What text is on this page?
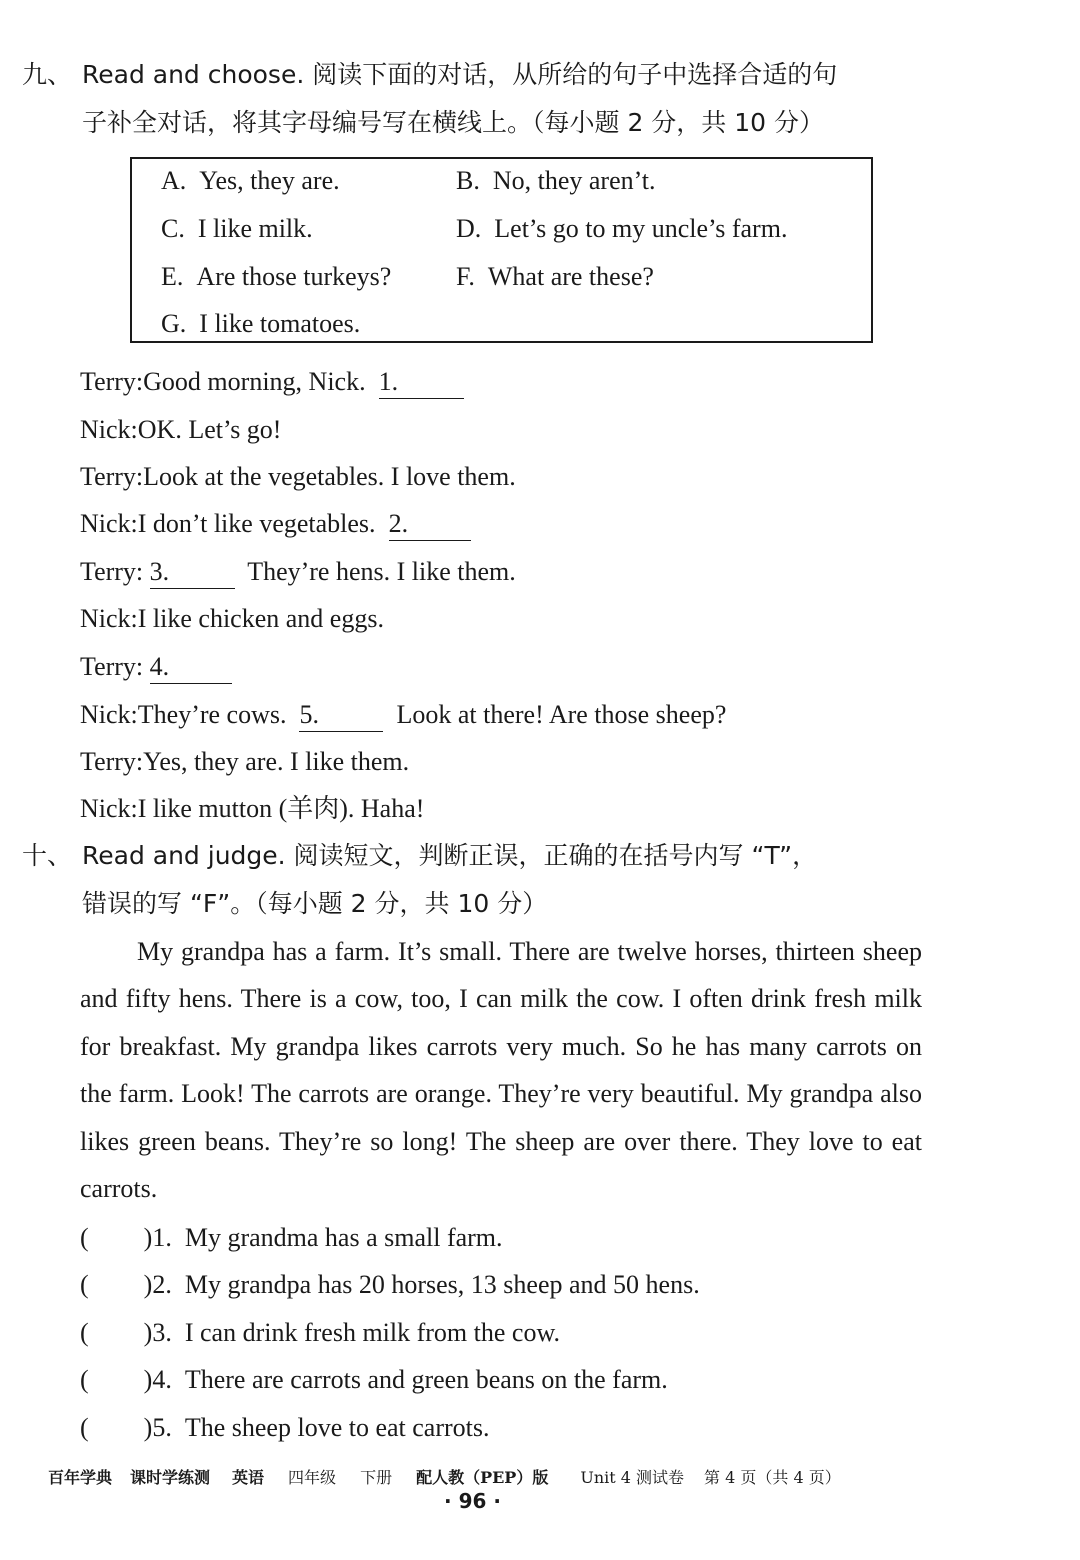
九、 Read and choose. 阅读下面的对话，从所给的句子中选择合适的句
子补全对话，将其字母编号写在横线上。（每小题 2 分，共 10 分）
A. Yes, they are.	B. No, they aren’t.
C. I like milk.	D. Let’s go to my uncle’s farm.
E. Are those turkeys? F. What are these?
G. I like tomatoes.
Terry:Good morning, Nick. 1.
Nick:OK. Let’s go!
Terry:Look at the vegetables. I love them.
Nick:I don’t like vegetables. 2.
Terry: 3.	They’re hens. I like them.
Nick:I like chicken and eggs.
Terry: 4.
Nick:They’re cows. 5.	Look at there! Are those sheep?
Terry:Yes, they are. I like them.
Nick:I like mutton (羊肉). Haha!
十、 Read and judge. 阅读短文，判断正误，正确的在括号内写 “T”，
错误的写 “F”。（每小题 2 分，共 10 分）

My grandpa has a farm. It’s small. There are twelve horses, thirteen sheep and fifty hens. There is a cow, too, I can milk the cow. I often drink fresh milk for breakfast. My grandpa likes carrots very much. So he has many carrots on the farm. Look! The carrots are orange. They’re very beautiful. My grandpa also likes green beans. They’re so long! The sheep are over there. They love to eat carrots.

( )1. My grandma has a small farm.
( )2. My grandpa has 20 horses, 13 sheep and 50 hens.
( )3. I can drink fresh milk from the cow.
( )4. There are carrots and green beans on the farm.
( )5. The sheep love to eat carrots.
百年学典 课时学练测 英语 四年级 下册 配人教（PEP）版 Unit 4 测试卷 第 4 页（共 4 页）
· 96 ·
